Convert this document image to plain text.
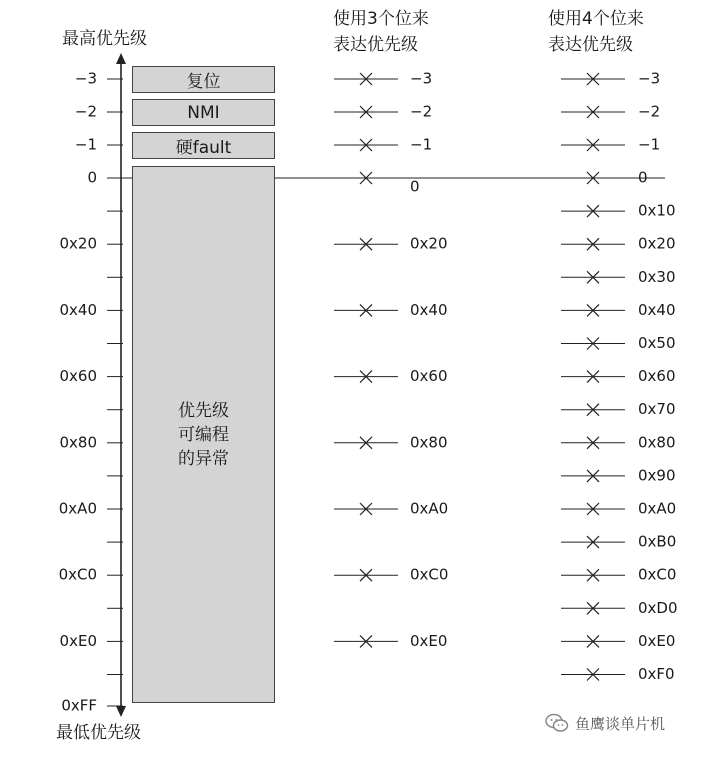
−3
−2
−1
0
0x20
0x40
0x60
0x80
0xA0
0xC0
0xE0
0xFF
−3
−2
−1
0
0x20
0x40
0x60
0x80
0xA0
0xC0
0xE0
−3
−2
−1
0
0x10
0x20
0x30
0x40
0x50
0x60
0x70
0x80
0x90
0xA0
0xB0
0xC0
0xD0
0xE0
0xF0
最高优先级
最低优先级
使用3个位来
表达优先级
使用4个位来
表达优先级
复位
NMI
硬fault
优先级
可编程
的异常
鱼鹰谈单片机
